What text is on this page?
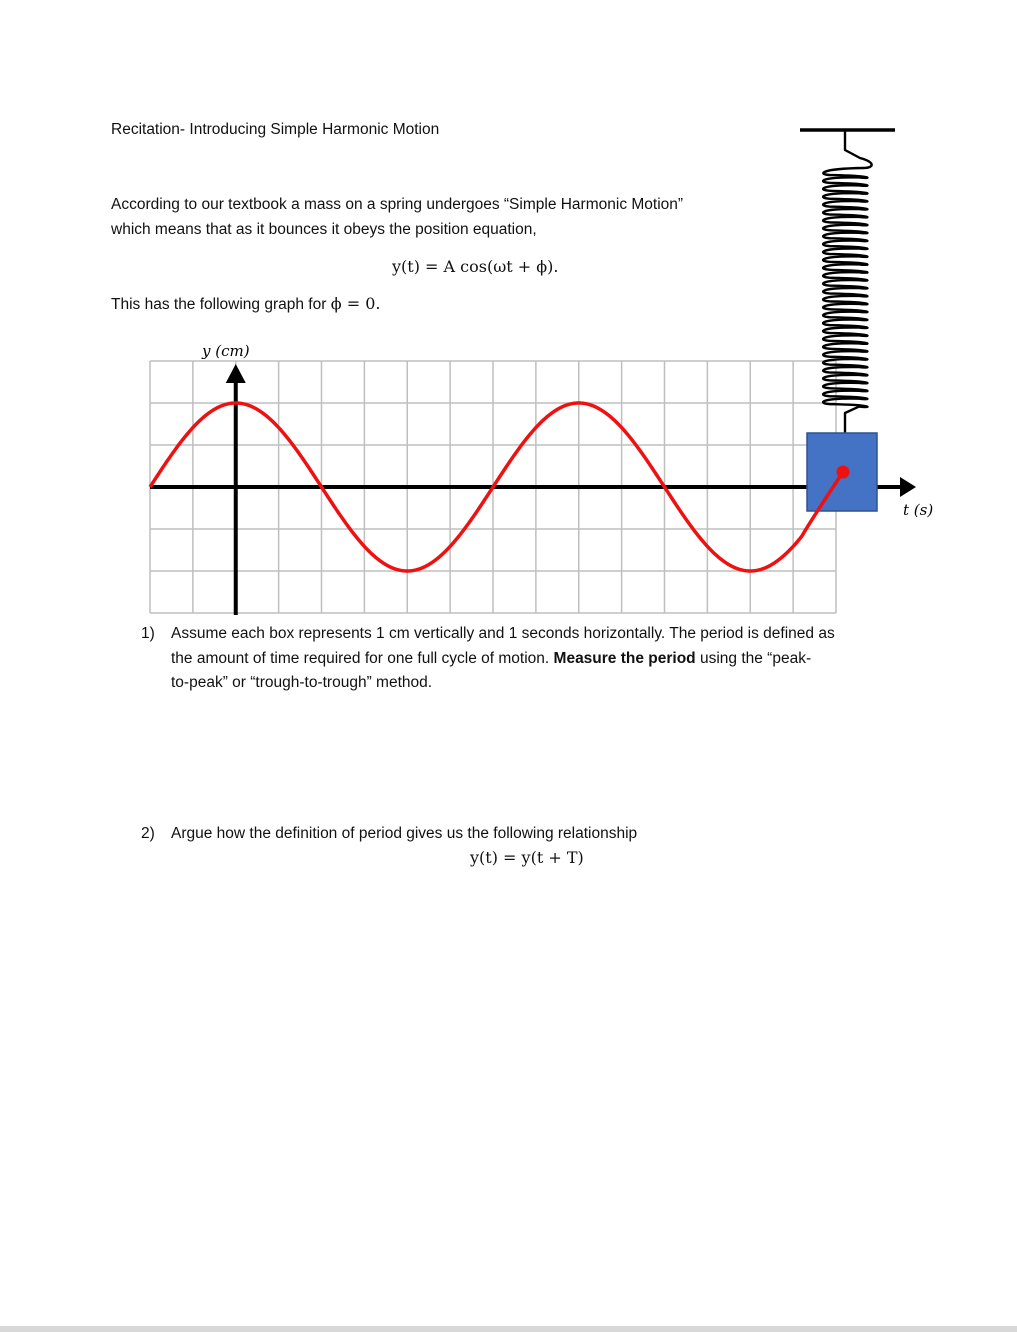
Recitation- Introducing Simple Harmonic Motion
According to our textbook a mass on a spring undergoes “Simple Harmonic Motion”
which means that as it bounces it obeys the position equation,
y(t) = A cos(ωt + ϕ).
This has the following graph for ϕ = 0.
y (cm)
t (s)
1) Assume each box represents 1 cm vertically and 1 seconds horizontally. The period is defined as
the amount of time required for one full cycle of motion. Measure the period using the “peak-
to-peak” or “trough-to-trough” method.
2) Argue how the definition of period gives us the following relationship
y(t) = y(t + T)
